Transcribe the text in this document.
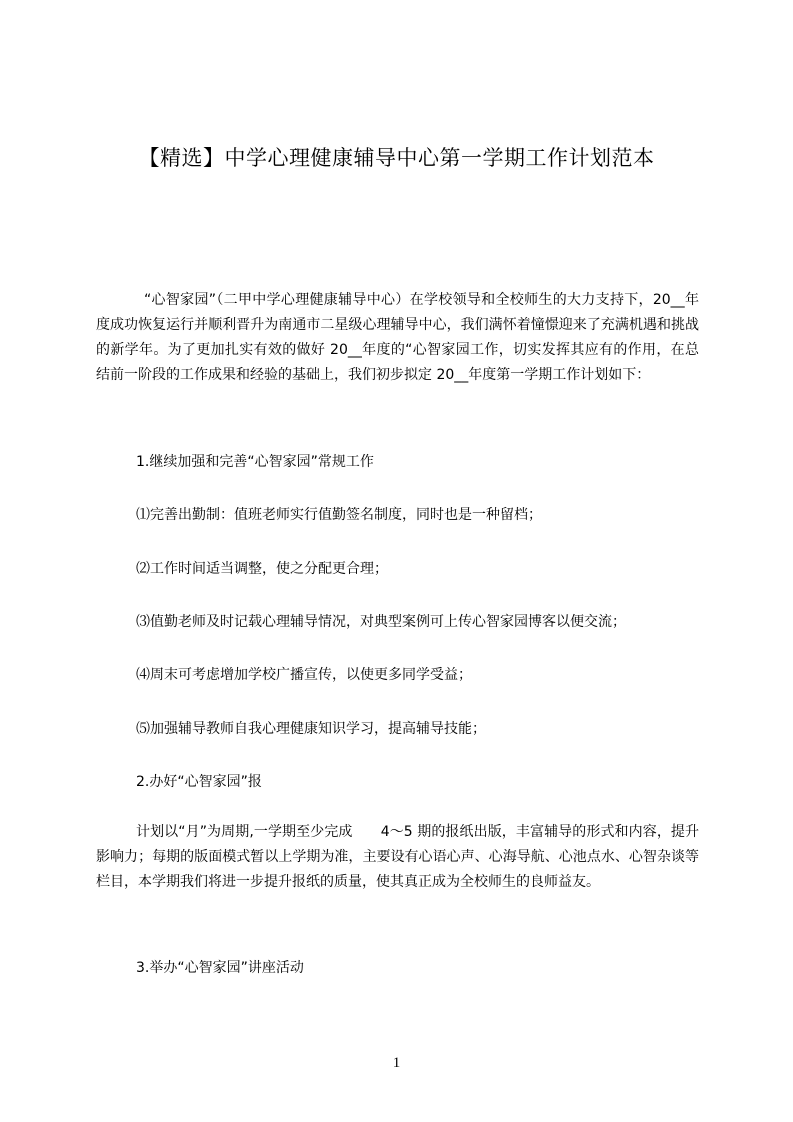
【精选】中学心理健康辅导中心第一学期工作计划范本

“心智家园”（二甲中学心理健康辅导中心）在学校领导和全校师生的大力支持下，20__年度成功恢复运行并顺利晋升为南通市二星级心理辅导中心，我们满怀着憧憬迎来了充满机遇和挑战的新学年。为了更加扎实有效的做好 20__年度的“心智家园工作，切实发挥其应有的作用，在总结前一阶段的工作成果和经验的基础上，我们初步拟定 20__年度第一学期工作计划如下：

1.继续加强和完善“心智家园”常规工作

⑴完善出勤制：值班老师实行值勤签名制度，同时也是一种留档；

⑵工作时间适当调整，使之分配更合理；

⑶值勤老师及时记载心理辅导情况，对典型案例可上传心智家园博客以便交流；

⑷周末可考虑增加学校广播宣传，以使更多同学受益；

⑸加强辅导教师自我心理健康知识学习，提高辅导技能；

2.办好“心智家园”报

计划以“月”为周期,一学期至少完成　　4～5 期的报纸出版，丰富辅导的形式和内容，提升影响力；每期的版面模式暂以上学期为准，主要设有心语心声、心海导航、心池点水、心智杂谈等栏目，本学期我们将进一步提升报纸的质量，使其真正成为全校师生的良师益友。

3.举办“心智家园”讲座活动

1
